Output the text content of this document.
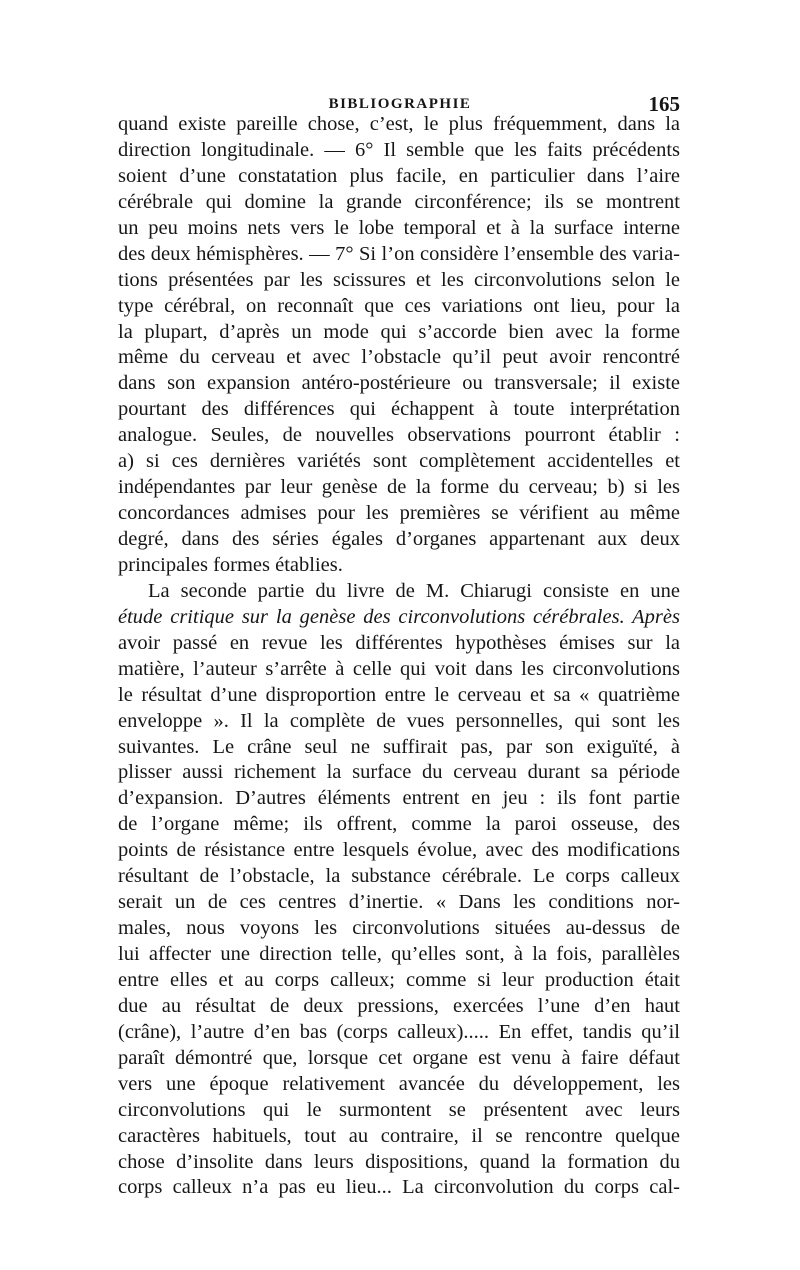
BIBLIOGRAPHIE	165
quand existe pareille chose, c’est, le plus fréquemment, dans la
direction longitudinale. — 6° Il semble que les faits précédents
soient d’une constatation plus facile, en particulier dans l’aire
cérébrale qui domine la grande circonférence; ils se montrent
un peu moins nets vers le lobe temporal et à la surface interne
des deux hémisphères. — 7° Si l’on considère l’ensemble des varia-
tions présentées par les scissures et les circonvolutions selon le
type cérébral, on reconnaît que ces variations ont lieu, pour la
la plupart, d’après un mode qui s’accorde bien avec la forme
même du cerveau et avec l’obstacle qu’il peut avoir rencontré
dans son expansion antéro-postérieure ou transversale; il existe
pourtant des différences qui échappent à toute interprétation
analogue. Seules, de nouvelles observations pourront établir :
a) si ces dernières variétés sont complètement accidentelles et
indépendantes par leur genèse de la forme du cerveau; b) si les
concordances admises pour les premières se vérifient au même
degré, dans des séries égales d’organes appartenant aux deux
principales formes établies.
La seconde partie du livre de M. Chiarugi consiste en une
étude critique sur la genèse des circonvolutions cérébrales. Après
avoir passé en revue les différentes hypothèses émises sur la
matière, l’auteur s’arrête à celle qui voit dans les circonvolutions
le résultat d’une disproportion entre le cerveau et sa « quatrième
enveloppe ». Il la complète de vues personnelles, qui sont les
suivantes. Le crâne seul ne suffirait pas, par son exiguïté, à
plisser aussi richement la surface du cerveau durant sa période
d’expansion. D’autres éléments entrent en jeu : ils font partie
de l’organe même; ils offrent, comme la paroi osseuse, des
points de résistance entre lesquels évolue, avec des modifications
résultant de l’obstacle, la substance cérébrale. Le corps calleux
serait un de ces centres d’inertie. « Dans les conditions nor-
males, nous voyons les circonvolutions situées au-dessus de
lui affecter une direction telle, qu’elles sont, à la fois, parallèles
entre elles et au corps calleux; comme si leur production était
due au résultat de deux pressions, exercées l’une d’en haut
(crâne), l’autre d’en bas (corps calleux)..... En effet, tandis qu’il
paraît démontré que, lorsque cet organe est venu à faire défaut
vers une époque relativement avancée du développement, les
circonvolutions qui le surmontent se présentent avec leurs
caractères habituels, tout au contraire, il se rencontre quelque
chose d’insolite dans leurs dispositions, quand la formation du
corps calleux n’a pas eu lieu... La circonvolution du corps cal-
